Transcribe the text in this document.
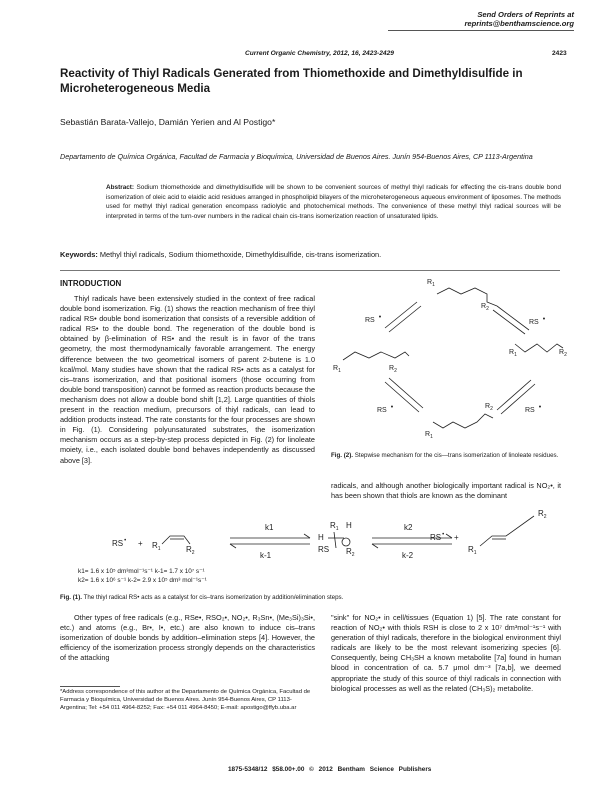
Send Orders of Reprints at reprints@benthamscience.org
Current Organic Chemistry, 2012, 16, 2423-2429	2423
Reactivity of Thiyl Radicals Generated from Thiomethoxide and Dimethyldisulfide in Microheterogeneous Media
Sebastián Barata-Vallejo, Damián Yerien and Al Postigo*
Departamento de Química Orgánica, Facultad de Farmacia y Bioquímica, Universidad de Buenos Aires. Junín 954-Buenos Aires, CP 1113-Argentina
Abstract: Sodium thiomethoxide and dimethyldisulfide will be shown to be convenient sources of methyl thiyl radicals for effecting the cis-trans double bond isomerization of oleic acid to elaidic acid residues arranged in phospholipid bilayers of the microheterogeneous aqueous environment of liposomes. The methods used for methyl thiyl radical generation encompass radiolytic and photochemical methods. The convenience of these methyl thiyl radical sources will be interpreted in terms of the turn-over numbers in the radical chain cis-trans isomerization reaction of unsaturated lipids.
Keywords: Methyl thiyl radicals, Sodium thiomethoxide, Dimethyldisulfide, cis-trans isomerization.
INTRODUCTION
Thiyl radicals have been extensively studied in the context of free radical double bond isomerization. Fig. (1) shows the reaction mechanism of free thiyl radical RS• double bond isomerization that consists of a reversible addition of radical RS• to the double bond. The regeneration of the double bond is obtained by β-elimination of RS• and the result is in favor of the trans geometry, the most thermodynamically favorable arrangement. The energy difference between the two geometrical isomers of parent 2-butene is 1.0 kcal/mol. Many studies have shown that the radical RS• acts as a catalyst for cis–trans isomerization, and that positional isomers (those occurring from double bond transposition) cannot be formed as reaction products because the mechanism does not allow a double bond shift [1,2]. Large quantities of thiols present in the reaction medium, precursors of thiyl radicals, can lead to addition products instead. The rate constants for the four processes are shown in Fig. (1). Considering polyunsaturated substrates, the isomerization mechanism occurs as a step-by-step process depicted in Fig. (2) for linoleate moiety, i.e., each isolated double bond behaves independently as discussed above [3].
$R_1$
$R_2$
RS •
RS •
$R_1$	$R_2$
$R_1$	$R_2$
RS •	RS •
$R_1$
$R_2$
Fig. (2). Stepwise mechanism for the cis—trans isomerization of linoleate residues.
radicals, and although another biologically important radical is NO₂•, it has been shown that thiols are known as the dominant
$RS^• + R_1$	$R_2$
k1
k-1
$R_1$ H
H
RS $R_2$
k2
k-2
RS• +
$R_1$
$R_2$
k1= 1.6 x 10⁵ dm³mol⁻¹s⁻¹ k-1= 1.7 x 10⁷ s⁻¹
k2= 1.6 x 10⁶ s⁻¹ k-2= 2.9 x 10⁵ dm³ mol⁻¹s⁻¹
Fig. (1). The thiyl radical RS• acts as a catalyst for cis–trans isomerization by addition/elimination steps.
Other types of free radicals (e.g., RSe•, RSO₂•, NO₂•, R₃Sn•, (Me₃Si)₃Si•, etc.) and atoms (e.g., Br•, I•, etc.) are also known to induce cis–trans isomerization of double bonds by addition–elimination steps [4]. However, the efficiency of the isomerization process strongly depends on the characteristics of the attacking
"sink" for NO₂• in cell/tissues (Equation 1) [5]. The rate constant for reaction of NO₂• with thiols RSH is close to 2 x 10⁷ dm³mol⁻¹s⁻¹ with generation of thiyl radicals, therefore in the biological environment thiyl radicals are likely to be the most relevant isomerizing species [6]. Consequently, being CH₃SH a known metabolite [7a] found in human blood in concentration of ca. 5.7 μmol dm⁻³ [7a,b], we deemed appropriate the study of this source of thiyl radicals in connection with biological processes as well as the related (CH₃S)₂ metabolite.
*Address correspondence of this author at the Departamento de Química Orgánica, Facultad de Farmacia y Bioquímica, Universidad de Buenos Aires. Junín 954-Buenos Aires, CP 1113-Argentina; Tel: +54 011 4964-8252; Fax: +54 011 4964-8450; E-mail: apostigo@ffyb.uba.ar
1875-5348/12 $58.00+.00 © 2012 Bentham Science Publishers
